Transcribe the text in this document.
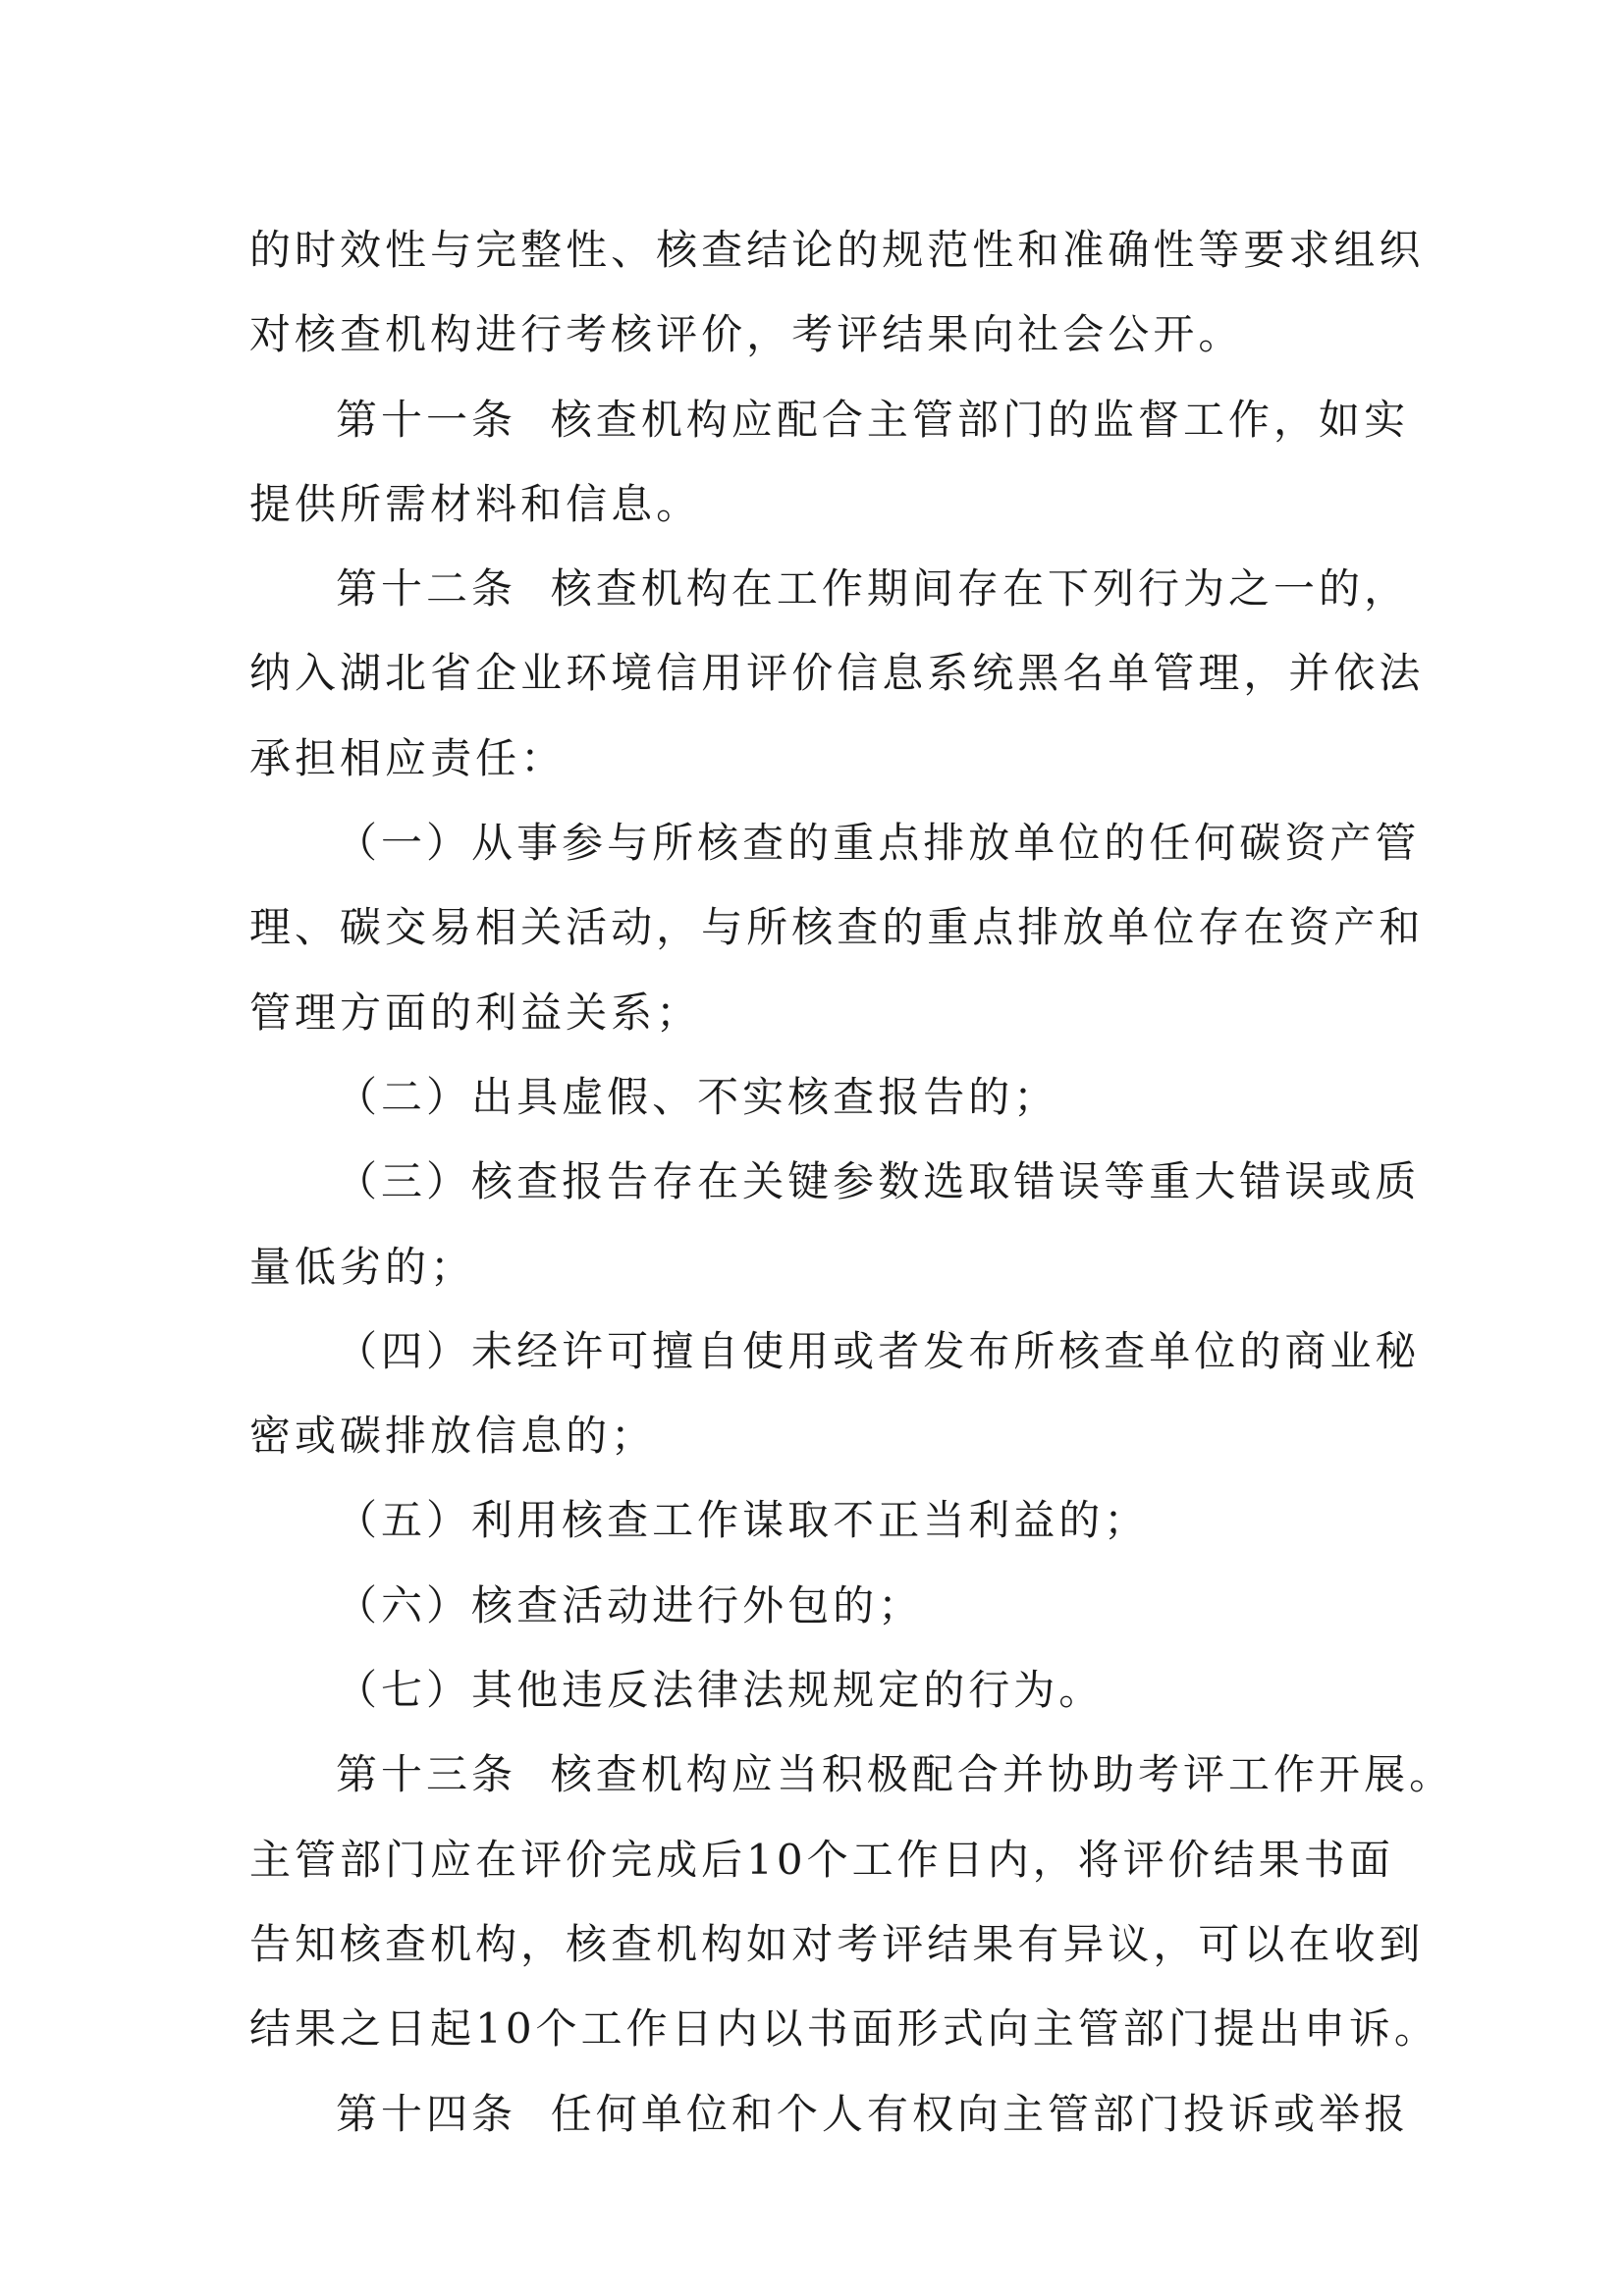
的 时 效 性 与 完 整 性 、 核 查 结 论 的 规 范 性 和 准 确 性 等 要 求 组 织
对 核 查 机 构 进 行 考 核 评 价 ， 考 评 结 果 向 社 会 公 开 。
第 十 一 条

核 查 机 构 应 配 合 主 管 部 门 的 监 督 工 作 ， 如 实
提 供 所 需 材 料 和 信 息 。
第 十 二 条

核 查 机 构 在 工 作 期 间 存 在 下 列 行 为 之 一 的 ，
纳 入 湖 北 省 企 业 环 境 信 用 评 价 信 息 系 统 黑 名 单 管 理 ， 并 依 法
承 担 相 应 责 任 ：
（ 一 ） 从 事 参 与 所 核 查 的 重 点 排 放 单 位 的 任 何 碳 资 产 管
理 、 碳 交 易 相 关 活 动 ， 与 所 核 查 的 重 点 排 放 单 位 存 在 资 产 和
管 理 方 面 的 利 益 关 系 ；
（ 二 ） 出 具 虚 假 、 不 实 核 查 报 告 的 ；
（ 三 ） 核 查 报 告 存 在 关 键 参 数 选 取 错 误 等 重 大 错 误 或 质
量 低 劣 的 ；
（ 四 ） 未 经 许 可 擅 自 使 用 或 者 发 布 所 核 查 单 位 的 商 业 秘
密 或 碳 排 放 信 息 的 ；
（ 五 ） 利 用 核 查 工 作 谋 取 不 正 当 利 益 的 ；
（ 六 ） 核 查 活 动 进 行 外 包 的 ；
（ 七 ） 其 他 违 反 法 律 法 规 规 定 的 行 为 。
第 十 三 条

核 查 机 构 应 当 积 极 配 合 并 协 助 考 评 工 作 开 展 。
主 管 部 门 应 在 评 价 完 成 后 1 0 个 工 作 日 内 ， 将 评 价 结 果 书 面
告 知 核 查 机 构 ， 核 查 机 构 如 对 考 评 结 果 有 异 议 ， 可 以 在 收 到
结 果 之 日 起 1 0 个 工 作 日 内 以 书 面 形 式 向 主 管 部 门 提 出 申 诉 。
第 十 四 条

任 何 单 位 和 个 人 有 权 向 主 管 部 门 投 诉 或 举 报
